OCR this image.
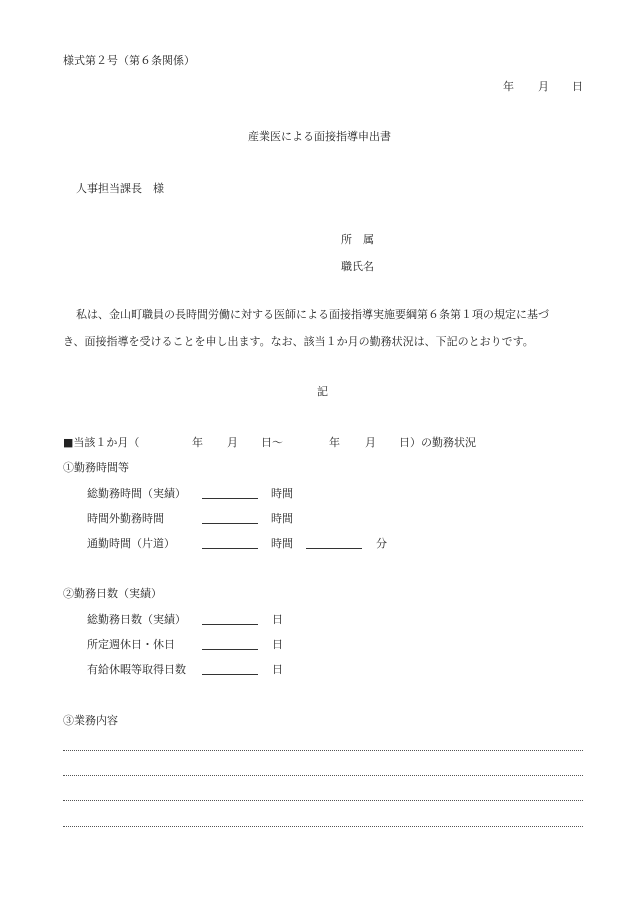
様式第２号（第６条関係）
年 月 日
産業医による面接指導申出書
人事担当課長　様
所　属
職氏名
私は、金山町職員の長時間労働に対する医師による面接指導実施要綱第６条第１項の規定に基づ
き、面接指導を受けることを申し出ます。なお、該当１か月の勤務状況は、下記のとおりです。
記
■当該１か月（	年 月 日～	年 月 日）の勤務状況
①勤務時間等
総勤務時間（実績）	時間
時間外勤務時間	時間
通勤時間（片道）	時間	分
②勤務日数（実績）
総勤務日数（実績）	日
所定週休日・休日	日
有給休暇等取得日数	日
③業務内容
